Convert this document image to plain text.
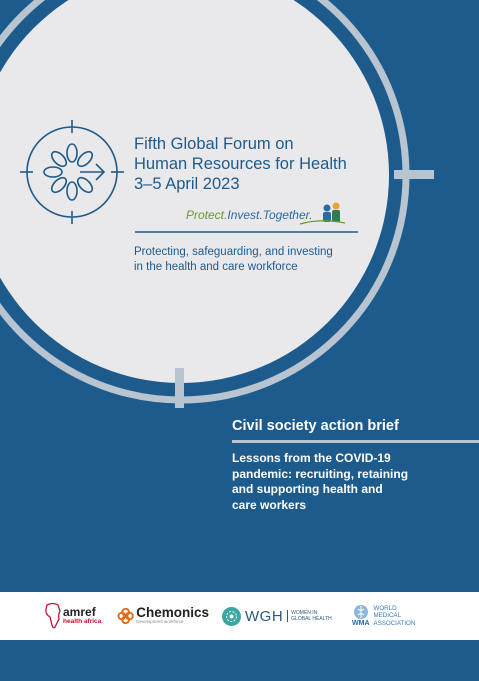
Fifth Global Forum on
Human Resources for Health
3–5 April 2023
Protect.Invest.Together.
Protecting, safeguarding, and investing
in the health and care workforce
Civil society action brief
Lessons from the COVID-19
pandemic: recruiting, retaining
and supporting health and
care workers
amref
health africa
Chemonics
Development workforce	WGH WOMEN IN
GLOBAL HEALTH
WMA
WORLD
MEDICAL
ASSOCIATION
